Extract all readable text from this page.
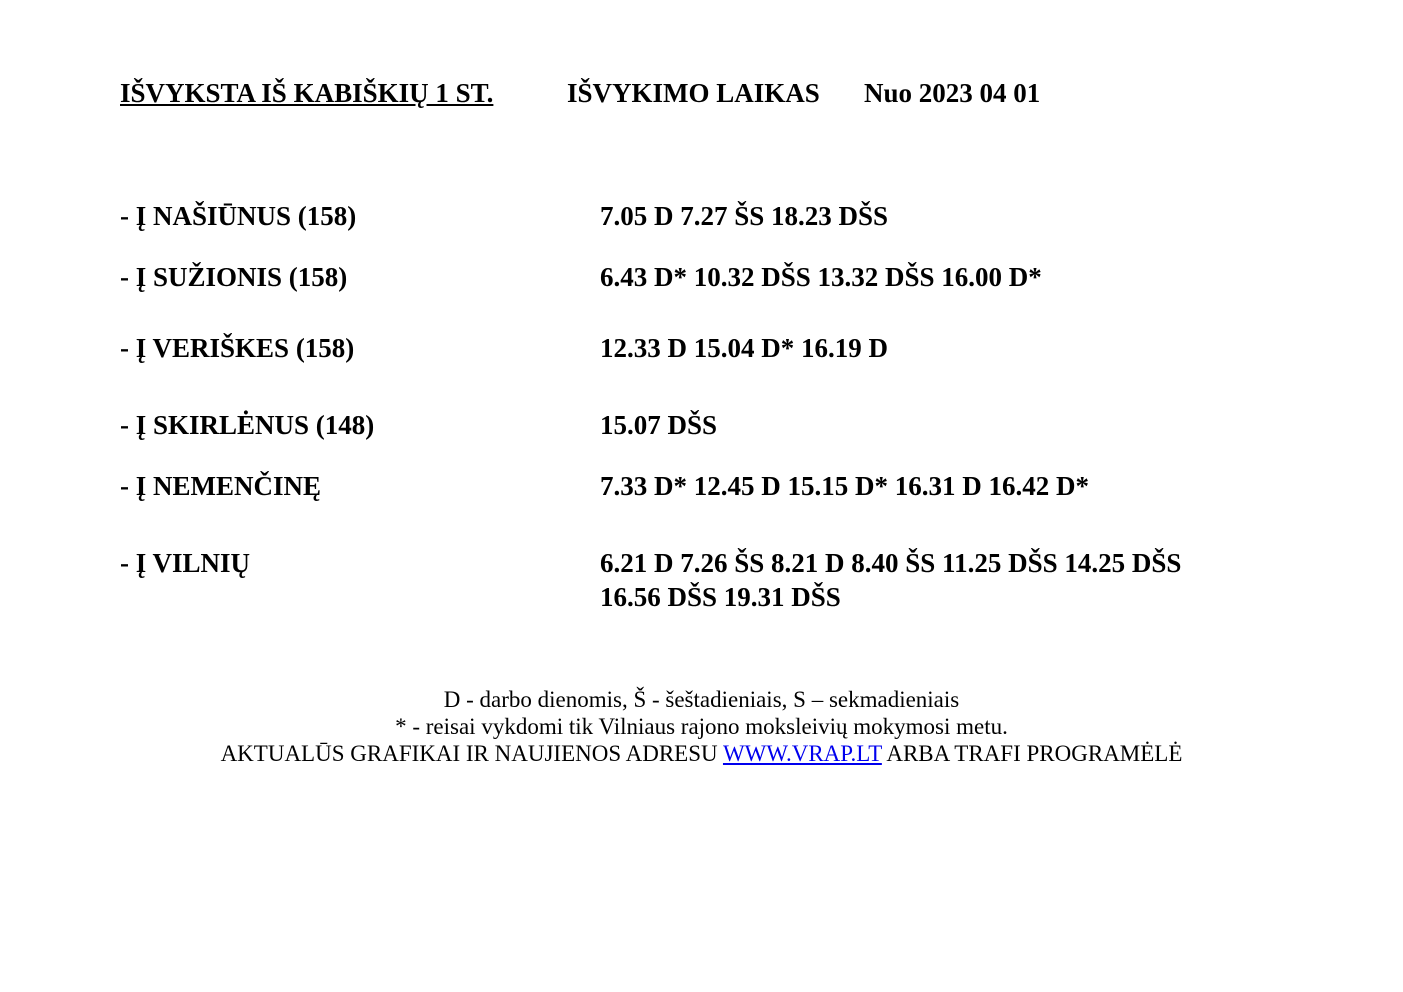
IŠVYKSTA IŠ KABIŠKIŲ 1 ST.	IŠVYKIMO LAIKAS Nuo 2023 04 01
- Į NAŠIŪNUS (158)	7.05 D 7.27 ŠS 18.23 DŠS
- Į SUŽIONIS (158)	6.43 D* 10.32 DŠS 13.32 DŠS 16.00 D*
- Į VERIŠKES (158)	12.33 D 15.04 D* 16.19 D
- Į SKIRLĖNUS (148)	15.07 DŠS
- Į NEMENČINĘ	7.33 D* 12.45 D 15.15 D* 16.31 D 16.42 D*
- Į VILNIŲ	6.21 D 7.26 ŠS 8.21 D 8.40 ŠS 11.25 DŠS 14.25 DŠS
16.56 DŠS 19.31 DŠS
D - darbo dienomis, Š - šeštadieniais, S – sekmadieniais
* - reisai vykdomi tik Vilniaus rajono moksleivių mokymosi metu.
AKTUALŪS GRAFIKAI IR NAUJIENOS ADRESU WWW.VRAP.LT ARBA TRAFI PROGRAMĖLĖ
